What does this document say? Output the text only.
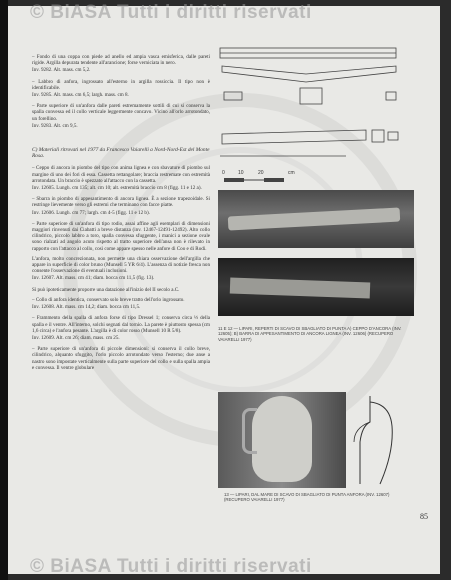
© BiASA Tutti i diritti riservati

– Fondo di una coppa con piede ad anello ed ampia vasca emisferica, dalle pareti rigide. Argilla depurata tendente all'arancione; forse verniciata in nero.

Inv. 9282. Alt. mass. cm 5,2.

– Labbro di anfora, ingrossato all'esterno in argilla rossiccia. Il tipo non è identificabile.

Inv. 9285. Alt. mass. cm 6,5; largh. mass. cm 8.

– Parte superiore di un'anfora dalle pareti estremamente sottili di cui si conserva la spalla convessa ed il collo verticale leggermente concavo. Vicino all'orlo arrotondato, un forellino.

Inv. 9283. Alt. cm 9,5.

C) Materiali ritrovati nel 1977 da Francesco Vaiarelli a Nord-Nord-Est del Monte Rosa.

– Ceppo di ancora in piombo del tipo con anima lignea e con sbavature di piombo sul margine di uno dei fori di essa. Cassetta rettangolare; braccia restremate con estremità arrotondata. Un braccio è spezzato all'attacco con la cassetta.

Inv. 12605. Lungh. cm 135; alt. cm 10; alt. estremità braccio cm 8 (figg. 11 e 12 a).

– Sbarra in piombo di appesantimento di ancora lignea. È a sezione trapezoidale. Si restringe lievemente verso gli estremi che terminano con facce piatte.

Inv. 12606. Lungh. cm 77; largh. cm 4-5 (figg. 11 e 12 b).

– Parte superiore di un'anfora di tipo rodio, assai affine agli esemplari di dimensioni maggiori rinvenuti dai Ciabatti a breve distanza (inv. 12467-12491-12492). Alto collo cilindrico, piccolo labbro a toro, spalla convessa sfuggente, i manici a sezione ovale sono rialzati ad angolo acuto rispetto al tratto superiore dell'ansa non è rilevato in rapporto con l'attacco al collo, così come appare spesso nelle anfore di Coo e di Rodi.

L'anfora, molto concrezionata, non permette una chiara osservazione dell'argilla che appare in superficie di color bruno (Munsell 5 YR 6/4). L'assenza di notizie fresca non consente l'osservazione di eventuali inclusioni.

Inv. 12607. Alt. mass. cm 41; diam. bocca cm 11,5 (fig. 13).

Sì può ipoteticamente proporre una datazione all'inizio del II secolo a.C.

– Collo di anfora identica, conservato solo breve tratto dell'orlo ingrossato.

Inv. 12608. Alt. mass. cm 14,2; diam. bocca cm 11,5.

– Frammento della spalla di anfora forse di tipo Dressel 1; conserva circa ⅓ della spalla e il ventre. All'interno, solchi segnati dal tornio. La parete è piuttosto spessa (cm 1,6 circa) e l'anfora pesante. L'argilla è di color rosso (Munsell 10 R 5/8).

Inv. 12609. Alt. cm 26; diam. mass. cm 25.

– Parte superiore di un'anfora di piccole dimensioni: si conserva il collo breve, cilindrico, alquanto sfuggito, l'orlo piccolo arrotondato verso l'esterno; due anse a nastro sono impostate verticalmente sulla parte superiore del collo e sulla spalla ampia e convessa. Il ventre globulare

0	10	20	cm
11 E 12 — LIPARI, REPERTI DI SCAVO DI SBAGLIATO DI PUNTA A) CEPPO D'ANCORA (INV. 12605); B) BARRA DI APPESANTIMENTO DI ANCORA LIGNEA (INV. 12606) (RECUPERO VAIARELLI 1977)
13 — LIPARI, DAL MARE DI SCAVO DI SBAGLIATO DI PUNTA ANFORA (INV. 12607) (RECUPERO VAIARELLI 1977)
85
© BiASA Tutti i diritti riservati
